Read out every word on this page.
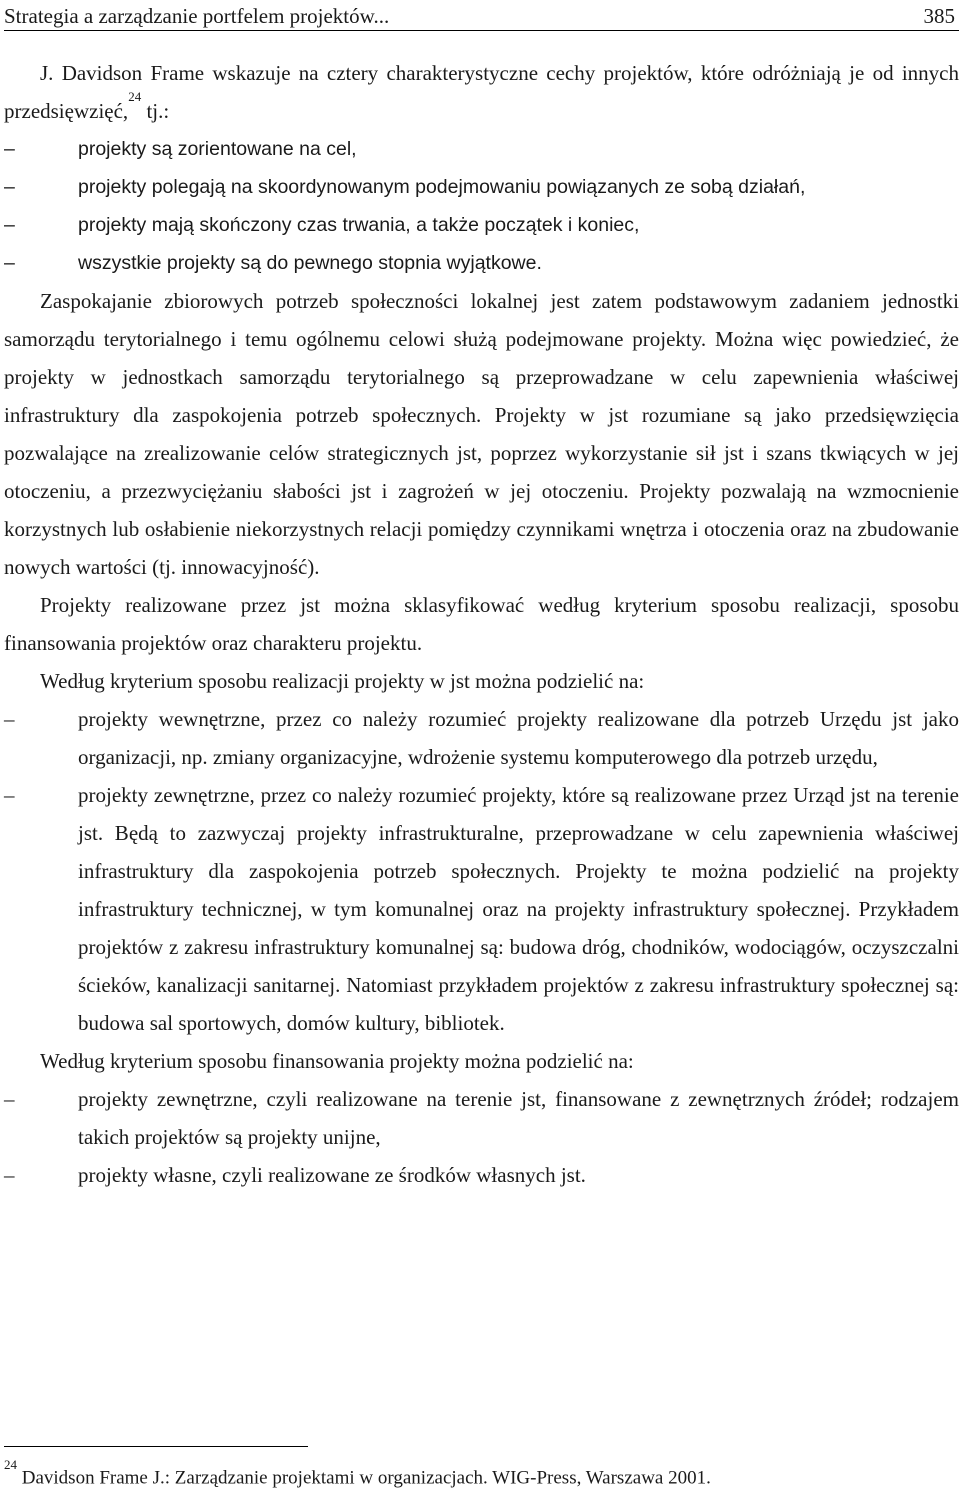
Strategia a zarządzanie portfelem projektów...	385

J. Davidson Frame wskazuje na cztery charakterystyczne cechy projektów, które odróżniają je od innych przedsięwzięć,$^{24}$ tj.:

–	projekty są zorientowane na cel,
–	projekty polegają na skoordynowanym podejmowaniu powiązanych ze sobą działań,
–	projekty mają skończony czas trwania, a także początek i koniec,
–	wszystkie projekty są do pewnego stopnia wyjątkowe.

Zaspokajanie zbiorowych potrzeb społeczności lokalnej jest zatem podstawowym zadaniem jednostki samorządu terytorialnego i temu ogólnemu celowi służą podejmowane projekty. Można więc powiedzieć, że projekty w jednostkach samorządu terytorialnego są przeprowadzane w celu zapewnienia właściwej infrastruktury dla zaspokojenia potrzeb społecznych. Projekty w jst rozumiane są jako przedsięwzięcia pozwalające na zrealizowanie celów strategicznych jst, poprzez wykorzystanie sił jst i szans tkwiących w jej otoczeniu, a przezwyciężaniu słabości jst i zagrożeń w jej otoczeniu. Projekty pozwalają na wzmocnienie korzystnych lub osłabienie niekorzystnych relacji pomiędzy czynnikami wnętrza i otoczenia oraz na zbudowanie nowych wartości (tj. innowacyjność).

Projekty realizowane przez jst można sklasyfikować według kryterium sposobu realizacji, sposobu finansowania projektów oraz charakteru projektu.

Według kryterium sposobu realizacji projekty w jst można podzielić na:

–	projekty wewnętrzne, przez co należy rozumieć projekty realizowane dla potrzeb Urzędu jst jako organizacji, np. zmiany organizacyjne, wdrożenie systemu komputerowego dla potrzeb urzędu,
–	projekty zewnętrzne, przez co należy rozumieć projekty, które są realizowane przez Urząd jst na terenie jst. Będą to zazwyczaj projekty infrastrukturalne, przeprowadzane w celu zapewnienia właściwej infrastruktury dla zaspokojenia potrzeb społecznych. Projekty te można podzielić na projekty infrastruktury technicznej, w tym komunalnej oraz na projekty infrastruktury społecznej. Przykładem projektów z zakresu infrastruktury komunalnej są: budowa dróg, chodników, wodociągów, oczyszczalni ścieków, kanalizacji sanitarnej. Natomiast przykładem projektów z zakresu infrastruktury społecznej są: budowa sal sportowych, domów kultury, bibliotek.

Według kryterium sposobu finansowania projekty można podzielić na:

–	projekty zewnętrzne, czyli realizowane na terenie jst, finansowane z zewnętrznych źródeł; rodzajem takich projektów są projekty unijne,
–	projekty własne, czyli realizowane ze środków własnych jst.
$^{24}$ Davidson Frame J.: Zarządzanie projektami w organizacjach. WIG-Press, Warszawa 2001.
